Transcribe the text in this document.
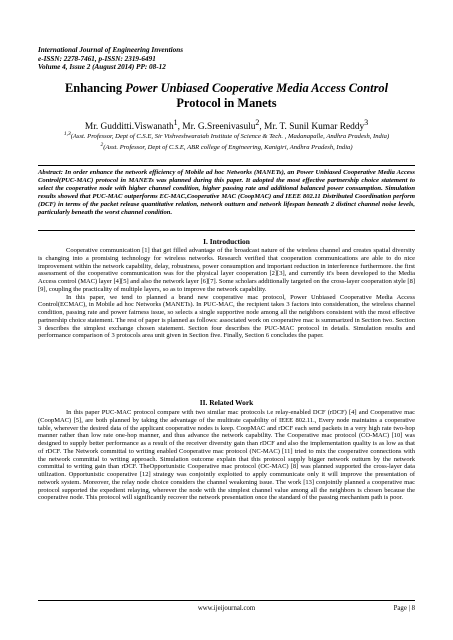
International Journal of Engineering Inventions
e-ISSN: 2278-7461, p-ISSN: 2319-6491
Volume 4, Issue 2 (August 2014) PP: 08-12
Enhancing Power Unbiased Cooperative Media Access Control
Protocol in Manets
Mr. Gudditti.Viswanath$^1$, Mr. G.Sreenivasulu$^2$, Mr. T. Sunil Kumar Reddy$^3$
$^{1,3}$(Asst. Professor, Dept of C.S.E, Sir Vishveshwaraiah Institute of Science & Tech. , Madanapalle, Andhra Pradesh, India)
$^2$(Asst. Professor, Dept of C.S.E, ABR college of Engineering, Kanigiri, Andhra Pradesh, India)
Abstract: In order enhance the network efficiency of Mobile ad hoc Networks (MANETs), an Power Unbiased Cooperative Media Access Control(PUC-MAC) protocol in MANETs was planned during this paper. It adopted the most effective partnership choice statement to select the cooperative node with higher channel condition, higher passing rate and additional balanced power consumption. Simulation results showed that PUC-MAC outperforms EC-MAC,Cooperative MAC (CoopMAC) and IEEE 802.11 Distributed Coordination perform (DCF) in terms of the packet release quantitative relation, network outturn and network lifespan beneath 2 distinct channel noise levels, particularly beneath the worst channel condition.
I. Introduction

Cooperative communication [1] that get filled advantage of the broadcast nature of the wireless channel and creates spatial diversity is changing into a promising technology for wireless networks. Research verified that cooperation communications are able to do nice improvement within the network capability, delay, robustness, power consumption and important reduction in interference furthermore. the first assessment of the cooperative communication was for the physical layer cooperation [2][3], and currently it's been developed to the Media Access control (MAC) layer [4][5] and also the network layer [6][7]. Some scholars additionally targeted on the cross-layer cooperation style [8][9], coupling the practicality of multiple layers, so as to improve the network capability.

In this paper, we tend to planned a brand new cooperative mac protocol, Power Unbiased Cooperative Media Access Control(ECMAC), in Mobile ad hoc Networks (MANETs). In PUC-MAC, the recipient takes 3 factors into consideration, the wireless channel condition, passing rate and power fairness issue, so selects a single supportive node among all the neighbors consistent with the most effective partnership choice statement. The rest of paper is planned as follows: associated work on cooperative mac is summarized in Section two. Section 3 describes the simplest exchange chosen statement. Section four describes the PUC-MAC protocol in details. Simulation results and performance comparison of 3 protocols area unit given in Section five. Finally, Section 6 concludes the paper.

II. Related Work

In this paper PUC-MAC protocol compare with two similar mac protocols i.e relay-enabled DCF (rDCF) [4] and Cooperative mac (CoopMAC) [5], are both planned by taking the advantage of the multirate capability of IEEE 802.11., Every node maintains a cooperative table, wherever the desired data of the applicant cooperative nodes is keep. CoopMAC and rDCF each send packets in a very high rate two-hop manner rather than low rate one-hop manner, and thus advance the network capability. The Cooperative mac protocol (CO-MAC) [10] was designed to supply better performance as a result of the receiver diversity gain than rDCF and also the implementation quality is as low as that of rDCF. The Network committal to writing enabled Cooperative mac protocol (NC-MAC) [11] tried to mix the cooperative connections with the network committal to writing approach. Simulation outcome explain that this protocol supply bigger network outturn by the network committal to writing gain than rDCF. TheOpportunistic Cooperative mac protocol (OC-MAC) [8] was planned supported the cross-layer data utilization. Opportunistic cooperative [12] strategy was conjointly exploited to apply communicate only it will improve the presentation of network system. Moreover, the relay node choice considers the channel weakening issue. The work [13] conjointly planned a cooperative mac protocol supported the expedient relaying, wherever the node with the simplest channel value among all the neighbors is chosen because the cooperative node. This protocol will significantly recover the network presentation once the standard of the passing mechanism path is poor.

www.ijeijournal.com	Page | 8
